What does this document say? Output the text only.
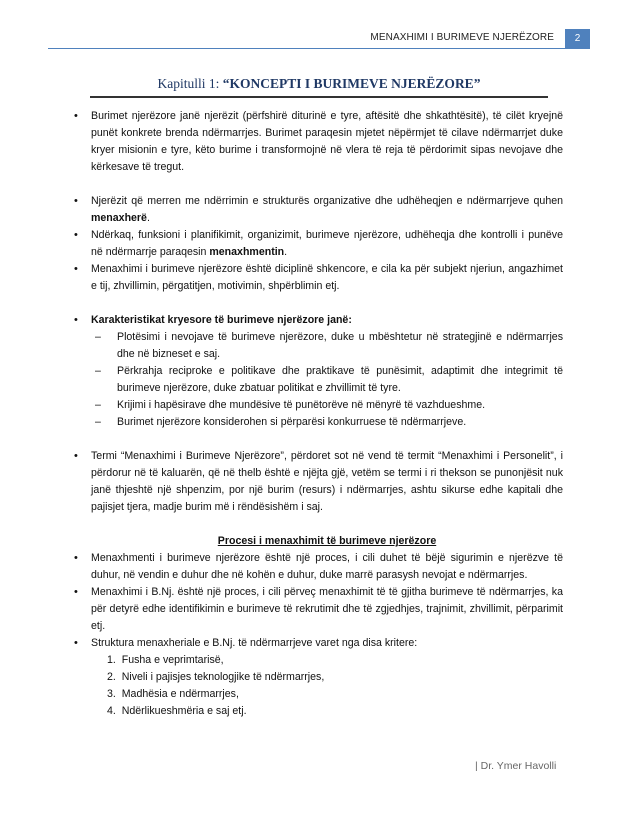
MENAXHIMI I BURIMEVE NJERËZORE	2
Kapitulli 1: “KONCEPTI I BURIMEVE NJERËZORE”
• Burimet njerëzore janë njerëzit (përfshirë diturinë e tyre, aftësitë dhe shkathtësitë), të cilët kryejnë punët konkrete brenda ndërmarrjes. Burimet paraqesin mjetet nëpërmjet të cilave ndërmarrjet duke kryer misionin e tyre, këto burime i transformojnë në vlera të reja të përdorimit sipas nevojave dhe kërkesave të tregut.
• Njerëzit që merren me ndërrimin e strukturës organizative dhe udhëheqjen e ndërmarrjeve quhen menaxherë.
• Ndërkaq, funksioni i planifikimit, organizimit, burimeve njerëzore, udhëheqja dhe kontrolli i punëve në ndërmarrje paraqesin menaxhmentin.
• Menaxhimi i burimeve njerëzore është diciplinë shkencore, e cila ka për subjekt njeriun, angazhimet e tij, zhvillimin, përgatitjen, motivimin, shpërblimin etj.
• Karakteristikat kryesore të burimeve njerëzore janë:
– Plotësimi i nevojave të burimeve njerëzore, duke u mbështetur në strategjinë e ndërmarrjes dhe në bizneset e saj.
– Përkrahja reciproke e politikave dhe praktikave të punësimit, adaptimit dhe integrimit të burimeve njerëzore, duke zbatuar politikat e zhvillimit të tyre.
– Krijimi i hapësirave dhe mundësive të punëtorëve në mënyrë të vazhdueshme.
– Burimet njerëzore konsiderohen si përparësi konkurruese të ndërmarrjeve.
• Termi “Menaxhimi i Burimeve Njerëzore”, përdoret sot në vend të termit “Menaxhimi i Personelit”, i përdorur në të kaluarën, që në thelb është e njëjta gjë, vetëm se termi i ri thekson se punonjësit nuk janë thjeshtë një shpenzim, por një burim (resurs) i ndërmarrjes, ashtu sikurse edhe kapitali dhe pajisjet tjera, madje burim më i rëndësishëm i saj.

Procesi i menaxhimit të burimeve njerëzore

• Menaxhmenti i burimeve njerëzore është një proces, i cili duhet të bëjë sigurimin e njerëzve të duhur, në vendin e duhur dhe në kohën e duhur, duke marrë parasysh nevojat e ndërmarrjes.
• Menaxhimi i B.Nj. është një proces, i cili përveç menaxhimit të të gjitha burimeve të ndërmarrjes, ka për detyrë edhe identifikimin e burimeve të rekrutimit dhe të zgjedhjes, trajnimit, zhvillimit, përparimit etj.
• Struktura menaxheriale e B.Nj. të ndërmarrjeve varet nga disa kritere:
1.  Fusha e veprimtarisë,
2.  Niveli i pajisjes teknologjike të ndërmarrjes,
3.  Madhësia e ndërmarrjes,
4.  Ndërlikueshmëria e saj etj.
| Dr. Ymer Havolli
